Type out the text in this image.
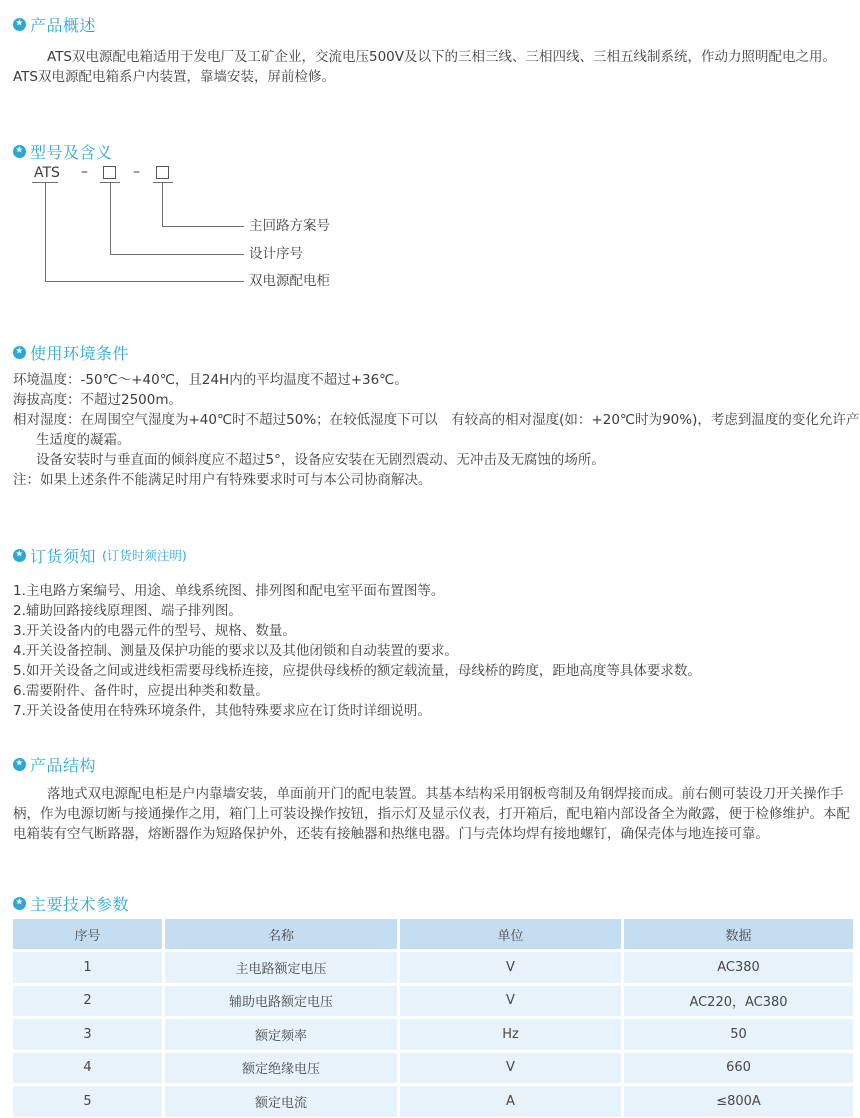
★ 产品概述
ATS双电源配电箱适用于发电厂及工矿企业，交流电压500V及以下的三相三线、三相四线、三相五线制系统，作动力照明配电之用。
ATS双电源配电箱系户内装置，靠墙安装，屏前检修。
★ 型号及含义
ATS –	–
主回路方案号
设计序号
双电源配电柜
★ 使用环境条件
环境温度：-50℃～+40℃，且24H内的平均温度不超过+36℃。
海拔高度：不超过2500m。
相对湿度：在周围空气湿度为+40℃时不超过50%；在较低湿度下可以　有较高的相对湿度(如：+20℃时为90%)，考虑到温度的变化允许产
生适度的凝霜。
设备安装时与垂直面的倾斜度应不超过5°，设备应安装在无剧烈震动、无冲击及无腐蚀的场所。
注：如果上述条件不能满足时用户有特殊要求时可与本公司协商解决。
★ 订货须知 (订货时须注明)
1.主电路方案编号、用途、单线系统图、排列图和配电室平面布置图等。
2.辅助回路接线原理图、端子排列图。
3.开关设备内的电器元件的型号、规格、数量。
4.开关设备控制、测量及保护功能的要求以及其他闭锁和自动装置的要求。
5.如开关设备之间或进线柜需要母线桥连接，应提供母线桥的额定载流量，母线桥的跨度，距地高度等具体要求数。
6.需要附件、备件时，应提出种类和数量。
7.开关设备使用在特殊环境条件，其他特殊要求应在订货时详细说明。
★ 产品结构
落地式双电源配电柜是户内靠墙安装，单面前开门的配电装置。其基本结构采用钢板弯制及角钢焊接而成。前右侧可装设刀开关操作手
柄，作为电源切断与接通操作之用，箱门上可装设操作按钮，指示灯及显示仪表，打开箱后，配电箱内部设备全为敞露，便于检修维护。本配
电箱装有空气断路器，熔断器作为短路保护外，还装有接触器和热继电器。门与壳体均焊有接地螺钉，确保壳体与地连接可靠。
★ 主要技术参数
序号	名称	单位	数据
1	主电路额定电压	V	AC380
2	辅助电路额定电压	V	AC220，AC380
3	额定频率	Hz	50
4	额定绝缘电压	V	660
5	额定电流	A	≤800A
